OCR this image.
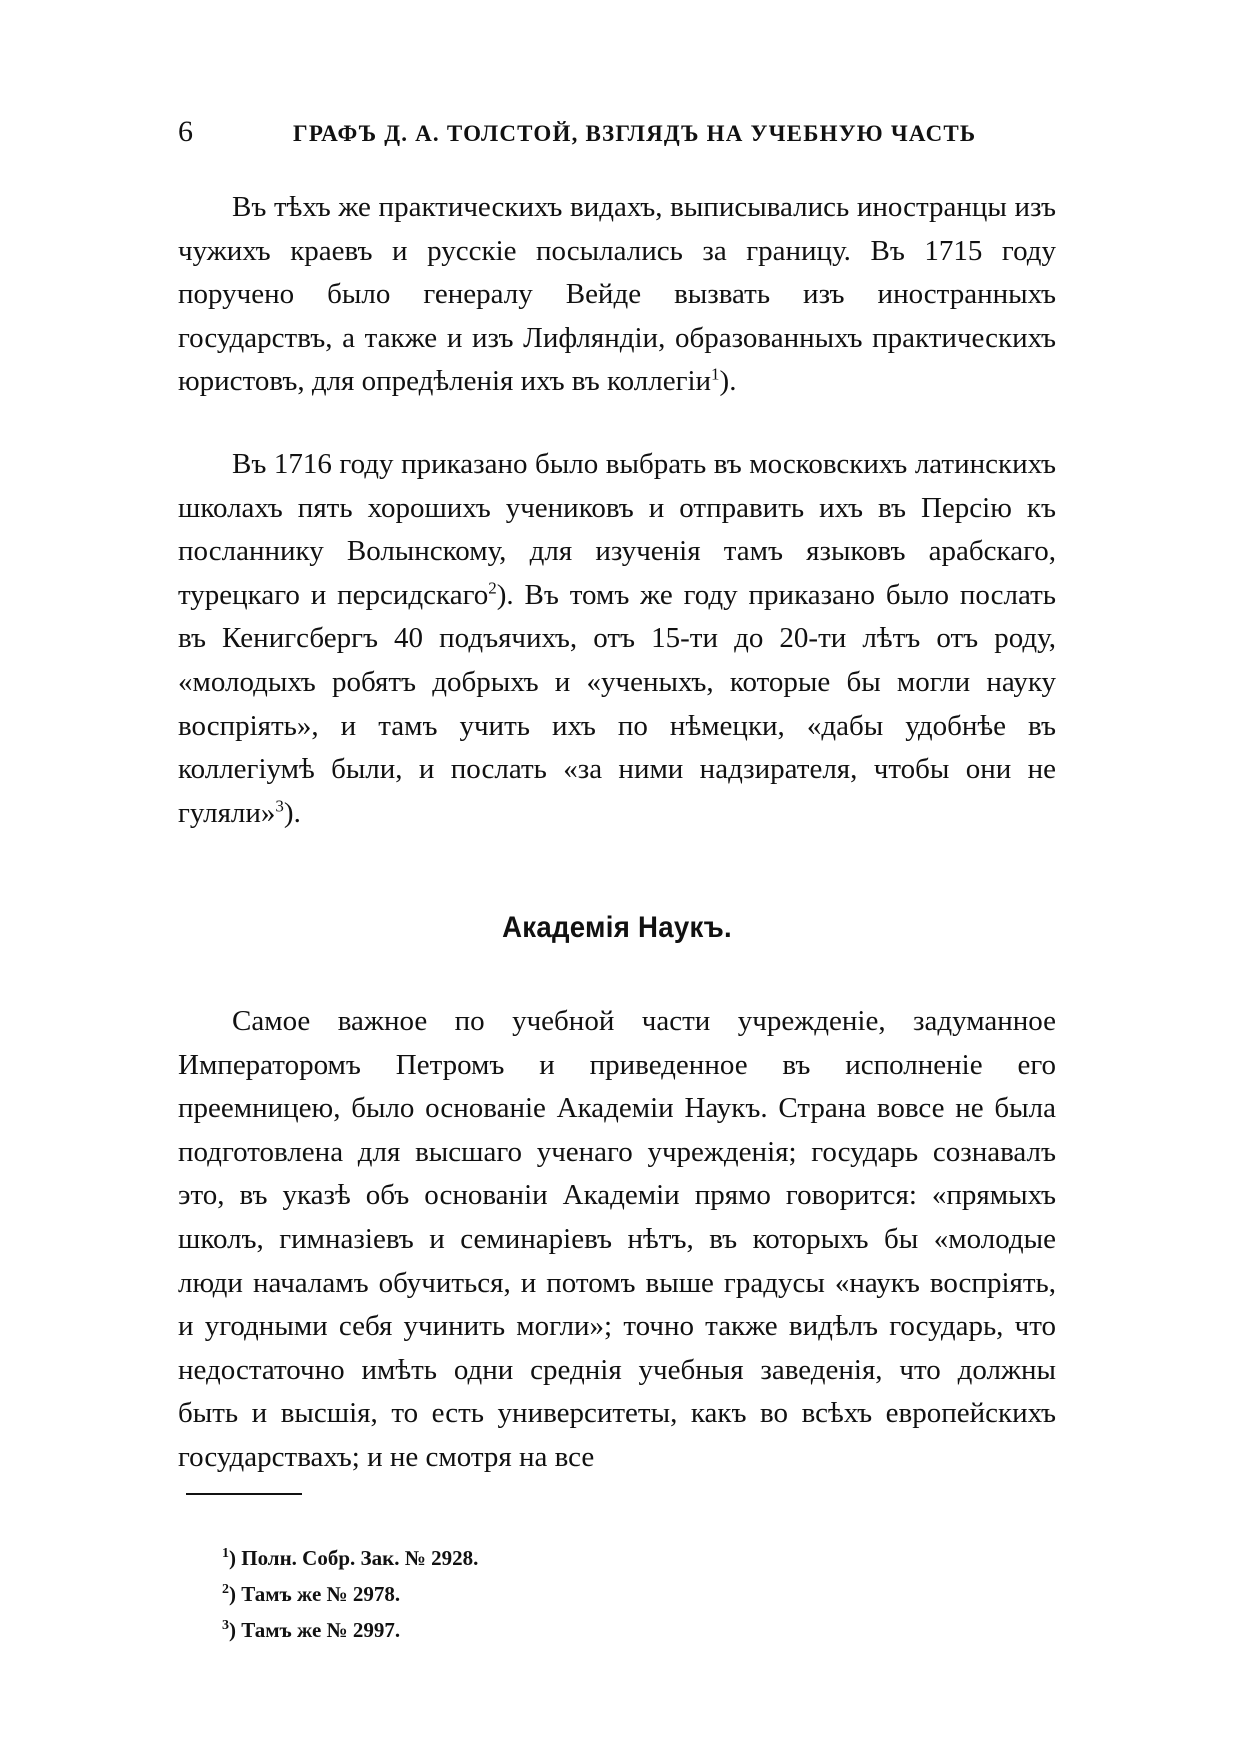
6	ГРАФЪ Д. А. ТОЛСТОЙ, ВЗГЛЯДЪ НА УЧЕБНУЮ ЧАСТЬ

Въ тѣхъ же практическихъ видахъ, выписывались иностранцы изъ чужихъ краевъ и русскіе посылались за границу. Въ 1715 году поручено было генералу Вейде вызвать изъ иностранныхъ государствъ, а также и изъ Лифляндіи, образованныхъ практическихъ юристовъ, для опредѣленія ихъ въ коллегіи$^1$).

Въ 1716 году приказано было выбрать въ московскихъ латинскихъ школахъ пять хорошихъ учениковъ и отправить ихъ въ Персію къ посланнику Волынскому, для изученія тамъ языковъ арабскаго, турецкаго и персидскаго$^2$). Въ томъ же году приказано было послать въ Кенигсбергъ 40 подъячихъ, отъ 15-ти до 20-ти лѣтъ отъ роду, «молодыхъ робятъ добрыхъ и «ученыхъ, которые бы могли науку воспріять», и тамъ учить ихъ по нѣмецки, «дабы удобнѣе въ коллегіумѣ были, и послать «за ними надзирателя, чтобы они не гуляли»$^3$).

Академія Наукъ.

Самое важное по учебной части учрежденіе, задуманное Императоромъ Петромъ и приведенное въ исполненіе его преемницею, было основаніе Академіи Наукъ. Страна вовсе не была подготовлена для высшаго ученаго учрежденія; государь сознавалъ это, въ указѣ объ основаніи Академіи прямо говорится: «прямыхъ школъ, гимназіевъ и семинаріевъ нѣтъ, въ которыхъ бы «молодые люди началамъ обучиться, и потомъ выше градусы «наукъ воспріять, и угодными себя учинить могли»; точно также видѣлъ государь, что недостаточно имѣть одни среднія учебныя заведенія, что должны быть и высшія, то есть университеты, какъ во всѣхъ европейскихъ государствахъ; и не смотря на все

$^1$) Полн. Собр. Зак. № 2928.
$^2$) Тамъ же № 2978.
$^3$) Тамъ же № 2997.
